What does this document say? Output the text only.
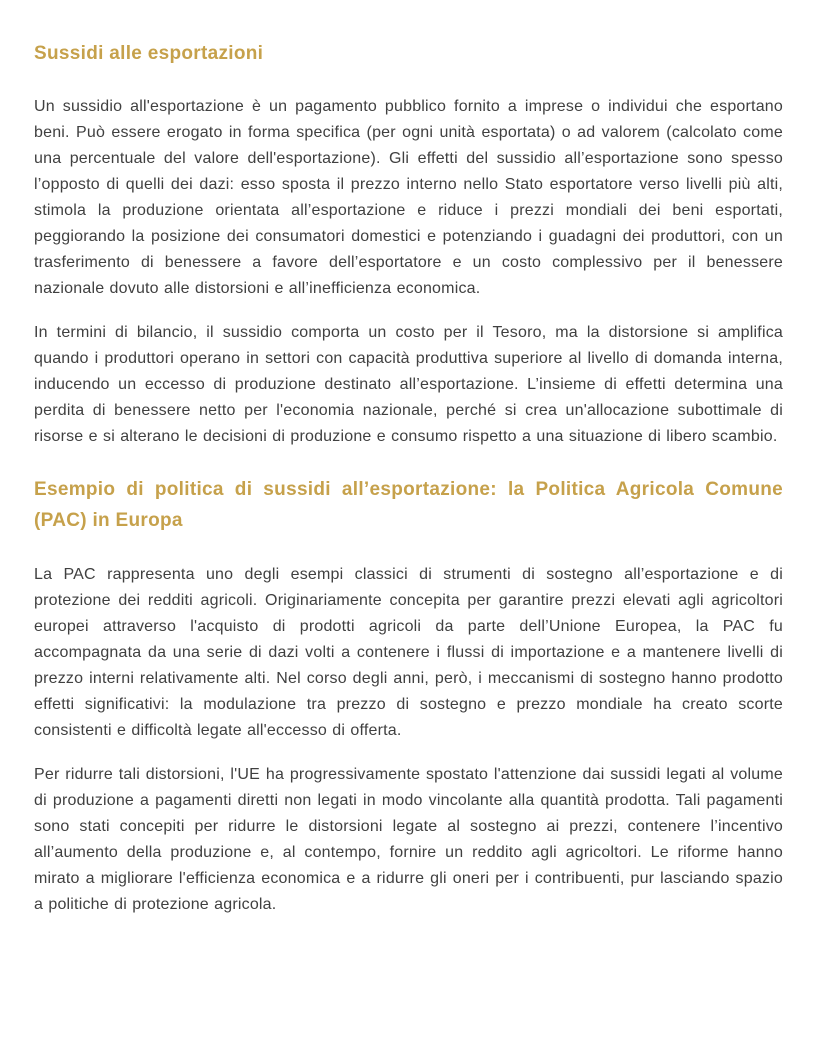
Sussidi alle esportazioni

Un sussidio all'esportazione è un pagamento pubblico fornito a imprese o individui che esportano beni. Può essere erogato in forma specifica (per ogni unità esportata) o ad valorem (calcolato come una percentuale del valore dell'esportazione). Gli effetti del sussidio all’esportazione sono spesso l’opposto di quelli dei dazi: esso sposta il prezzo interno nello Stato esportatore verso livelli più alti, stimola la produzione orientata all’esportazione e riduce i prezzi mondiali dei beni esportati, peggiorando la posizione dei consumatori domestici e potenziando i guadagni dei produttori, con un trasferimento di benessere a favore dell’esportatore e un costo complessivo per il benessere nazionale dovuto alle distorsioni e all’inefficienza economica.

In termini di bilancio, il sussidio comporta un costo per il Tesoro, ma la distorsione si amplifica quando i produttori operano in settori con capacità produttiva superiore al livello di domanda interna, inducendo un eccesso di produzione destinato all’esportazione. L’insieme di effetti determina una perdita di benessere netto per l'economia nazionale, perché si crea un'allocazione subottimale di risorse e si alterano le decisioni di produzione e consumo rispetto a una situazione di libero scambio.

Esempio di politica di sussidi all’esportazione: la Politica Agricola Comune (PAC) in Europa

La PAC rappresenta uno degli esempi classici di strumenti di sostegno all’esportazione e di protezione dei redditi agricoli. Originariamente concepita per garantire prezzi elevati agli agricoltori europei attraverso l'acquisto di prodotti agricoli da parte dell’Unione Europea, la PAC fu accompagnata da una serie di dazi volti a contenere i flussi di importazione e a mantenere livelli di prezzo interni relativamente alti. Nel corso degli anni, però, i meccanismi di sostegno hanno prodotto effetti significativi: la modulazione tra prezzo di sostegno e prezzo mondiale ha creato scorte consistenti e difficoltà legate all'eccesso di offerta.

Per ridurre tali distorsioni, l'UE ha progressivamente spostato l'attenzione dai sussidi legati al volume di produzione a pagamenti diretti non legati in modo vincolante alla quantità prodotta. Tali pagamenti sono stati concepiti per ridurre le distorsioni legate al sostegno ai prezzi, contenere l’incentivo all’aumento della produzione e, al contempo, fornire un reddito agli agricoltori. Le riforme hanno mirato a migliorare l'efficienza economica e a ridurre gli oneri per i contribuenti, pur lasciando spazio a politiche di protezione agricola.
